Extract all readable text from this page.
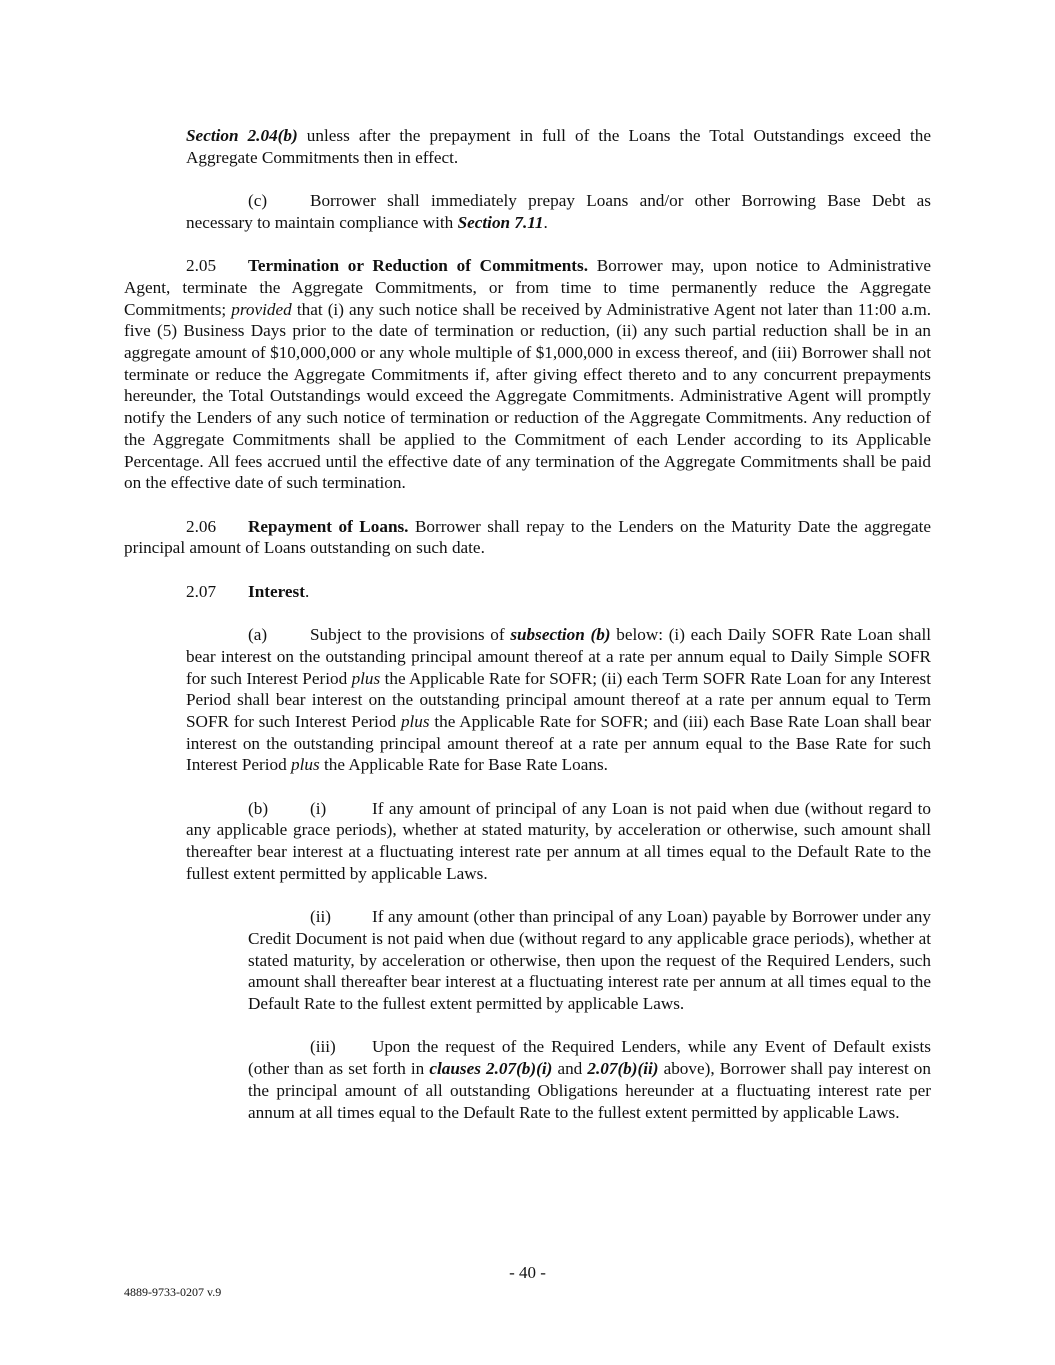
Section 2.04(b) unless after the prepayment in full of the Loans the Total Outstandings exceed the Aggregate Commitments then in effect.
(c) Borrower shall immediately prepay Loans and/or other Borrowing Base Debt as necessary to maintain compliance with Section 7.11.
2.05 Termination or Reduction of Commitments. Borrower may, upon notice to Administrative Agent, terminate the Aggregate Commitments, or from time to time permanently reduce the Aggregate Commitments; provided that (i) any such notice shall be received by Administrative Agent not later than 11:00 a.m. five (5) Business Days prior to the date of termination or reduction, (ii) any such partial reduction shall be in an aggregate amount of $10,000,000 or any whole multiple of $1,000,000 in excess thereof, and (iii) Borrower shall not terminate or reduce the Aggregate Commitments if, after giving effect thereto and to any concurrent prepayments hereunder, the Total Outstandings would exceed the Aggregate Commitments. Administrative Agent will promptly notify the Lenders of any such notice of termination or reduction of the Aggregate Commitments. Any reduction of the Aggregate Commitments shall be applied to the Commitment of each Lender according to its Applicable Percentage. All fees accrued until the effective date of any termination of the Aggregate Commitments shall be paid on the effective date of such termination.
2.06 Repayment of Loans. Borrower shall repay to the Lenders on the Maturity Date the aggregate principal amount of Loans outstanding on such date.
2.07 Interest.
(a) Subject to the provisions of subsection (b) below: (i) each Daily SOFR Rate Loan shall bear interest on the outstanding principal amount thereof at a rate per annum equal to Daily Simple SOFR for such Interest Period plus the Applicable Rate for SOFR; (ii) each Term SOFR Rate Loan for any Interest Period shall bear interest on the outstanding principal amount thereof at a rate per annum equal to Term SOFR for such Interest Period plus the Applicable Rate for SOFR; and (iii) each Base Rate Loan shall bear interest on the outstanding principal amount thereof at a rate per annum equal to the Base Rate for such Interest Period plus the Applicable Rate for Base Rate Loans.
(b) (i)	If any amount of principal of any Loan is not paid when due (without regard to any applicable grace periods), whether at stated maturity, by acceleration or otherwise, such amount shall thereafter bear interest at a fluctuating interest rate per annum at all times equal to the Default Rate to the fullest extent permitted by applicable Laws.
(ii) If any amount (other than principal of any Loan) payable by Borrower under any Credit Document is not paid when due (without regard to any applicable grace periods), whether at stated maturity, by acceleration or otherwise, then upon the request of the Required Lenders, such amount shall thereafter bear interest at a fluctuating interest rate per annum at all times equal to the Default Rate to the fullest extent permitted by applicable Laws.
(iii) Upon the request of the Required Lenders, while any Event of Default exists (other than as set forth in clauses 2.07(b)(i) and 2.07(b)(ii) above), Borrower shall pay interest on the principal amount of all outstanding Obligations hereunder at a fluctuating interest rate per annum at all times equal to the Default Rate to the fullest extent permitted by applicable Laws.
- 40 -
4889-9733-0207 v.9
